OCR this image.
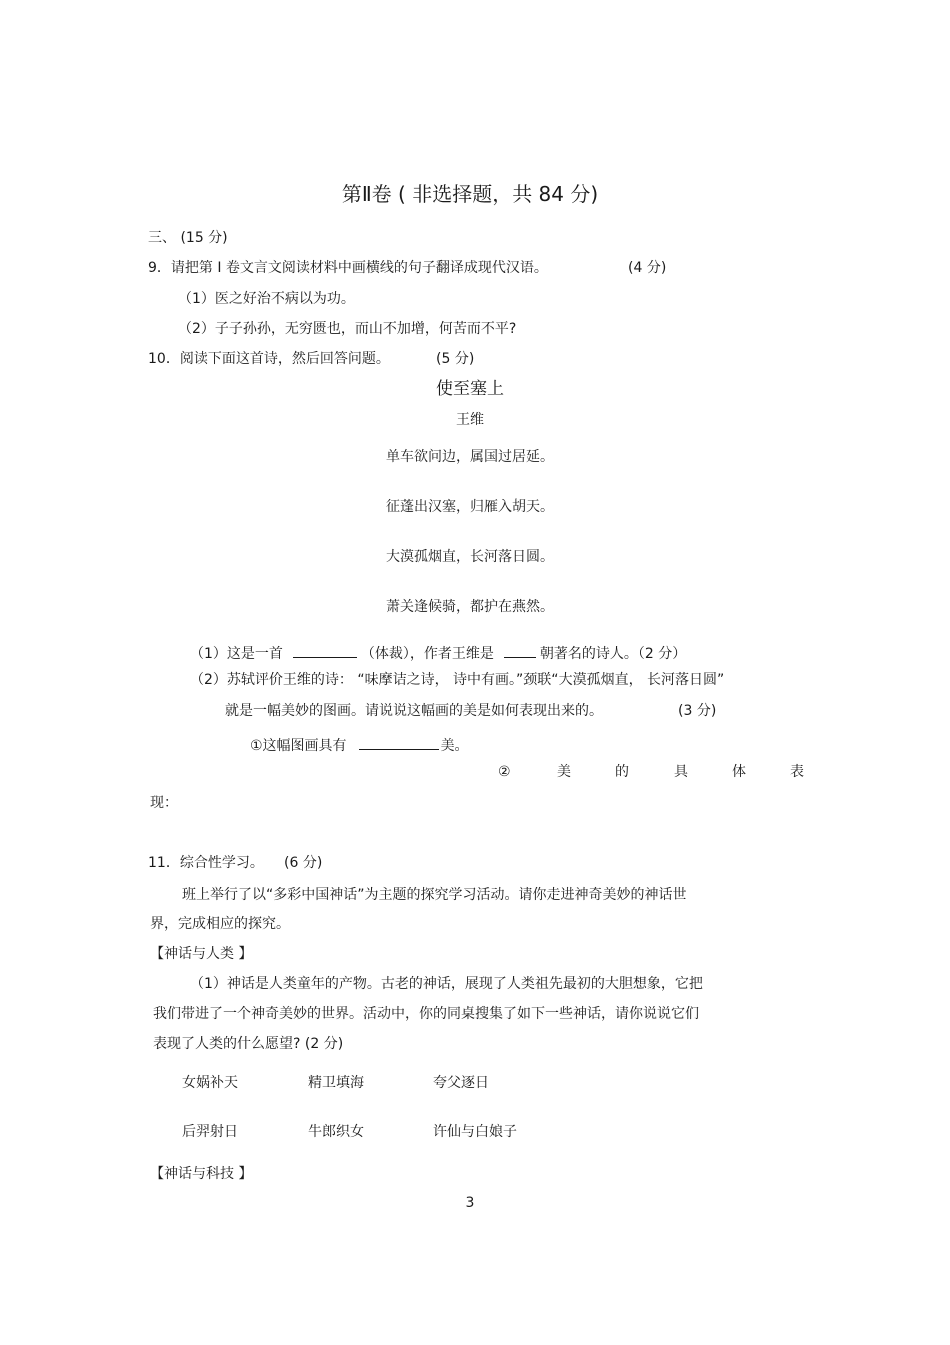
第Ⅱ卷 ( 非选择题，共 84 分)
三、 (15 分)
9．请把第 I 卷文言文阅读材料中画横线的句子翻译成现代汉语。	(4 分)
（1）医之好治不病以为功。
（2）子子孙孙，无穷匮也，而山不加增，何苦而不平?
10．阅读下面这首诗，然后回答问题。	(5 分)
使至塞上
王维
单车欲问边，属国过居延。
征蓬出汉塞，归雁入胡天。
大漠孤烟直，长河落日圆。
萧关逢候骑，都护在燕然。
（1）这是一首	（体裁），作者王维是	朝著名的诗人。（2 分）
（2）苏轼评价王维的诗： “味摩诘之诗， 诗中有画。”颈联“大漠孤烟直， 长河落日圆”
就是一幅美妙的图画。请说说这幅画的美是如何表现出来的。	(3 分)
①这幅图画具有	美。
②	美	的	具	体	表
现：
11．综合性学习。 (6 分)
班上举行了以“多彩中国神话”为主题的探究学习活动。请你走进神奇美妙的神话世
界，完成相应的探究。
【神话与人类 】
（1）神话是人类童年的产物。古老的神话，展现了人类祖先最初的大胆想象，它把
我们带进了一个神奇美妙的世界。活动中，你的同桌搜集了如下一些神话，请你说说它们
表现了人类的什么愿望? (2 分)
女娲补天	精卫填海	夸父逐日
后羿射日	牛郎织女	许仙与白娘子
【神话与科技 】
3
